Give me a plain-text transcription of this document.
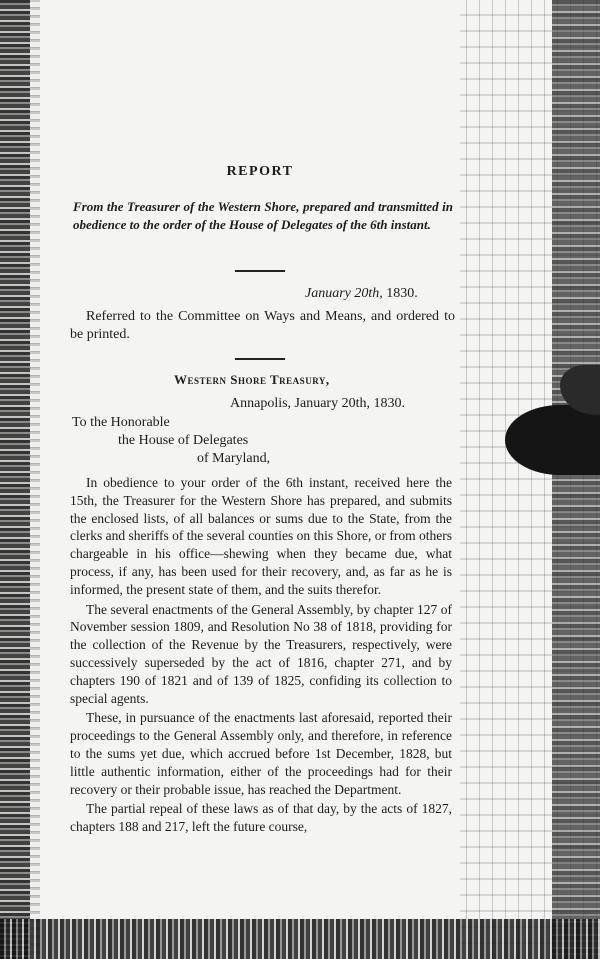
REPORT
From the Treasurer of the Western Shore, prepared and transmitted in obedience to the order of the House of Delegates of the 6th instant.
January 20th, 1830.
Referred to the Committee on Ways and Means, and ordered to be printed.
Western Shore Treasury,
Annapolis, January 20th, 1830.
To the Honorable
the House of Delegates
of Maryland,

In obedience to your order of the 6th instant, received here the 15th, the Treasurer for the Western Shore has prepared, and submits the enclosed lists, of all balances or sums due to the State, from the clerks and sheriffs of the several counties on this Shore, or from others chargeable in his office—shewing when they became due, what process, if any, has been used for their recovery, and, as far as he is informed, the present state of them, and the suits therefor.

The several enactments of the General Assembly, by chapter 127 of November session 1809, and Resolution No 38 of 1818, providing for the collection of the Revenue by the Treasurers, respectively, were successively superseded by the act of 1816, chapter 271, and by chapters 190 of 1821 and of 139 of 1825, confiding its collection to special agents.

These, in pursuance of the enactments last aforesaid, reported their proceedings to the General Assembly only, and therefore, in reference to the sums yet due, which accrued before 1st December, 1828, but little authentic information, either of the proceedings had for their recovery or their probable issue, has reached the Department.

The partial repeal of these laws as of that day, by the acts of 1827, chapters 188 and 217, left the future course,
